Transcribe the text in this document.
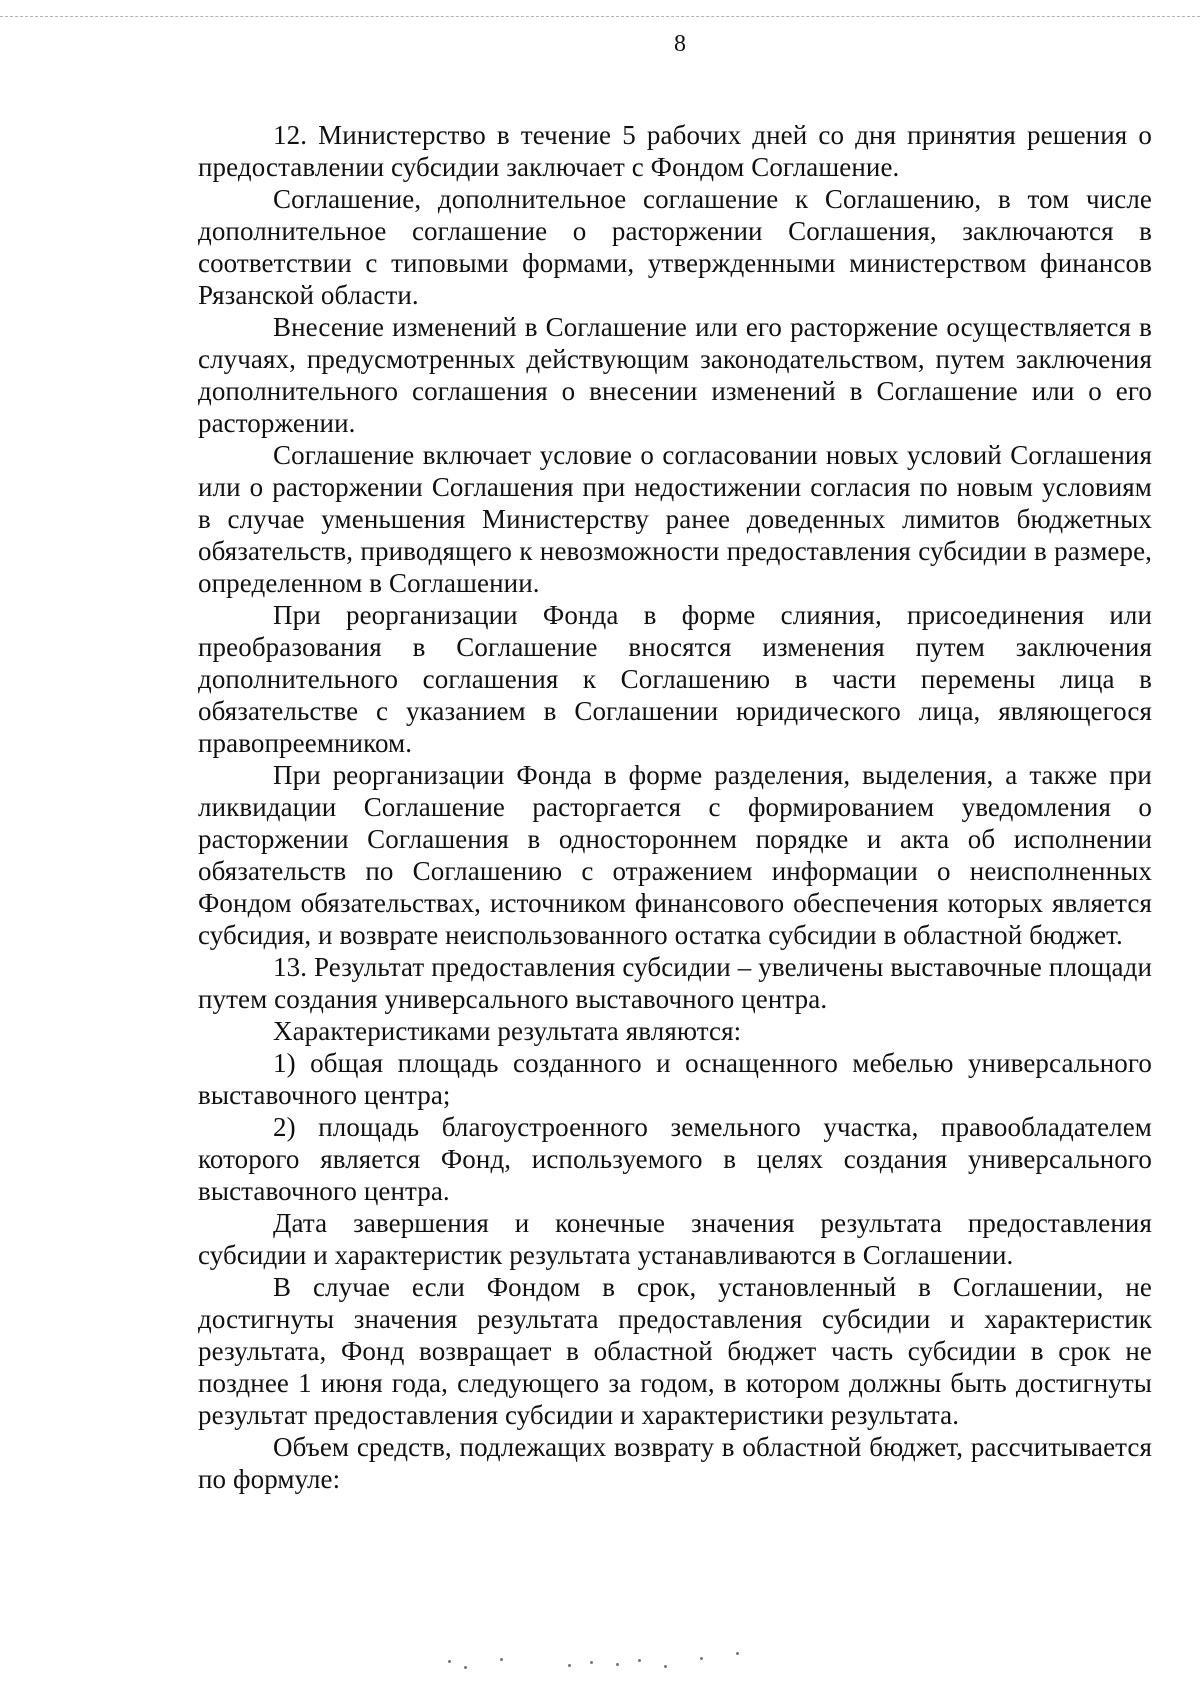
8

12. Министерство в течение 5 рабочих дней со дня принятия решения о предоставлении субсидии заключает с Фондом Соглашение.

Соглашение, дополнительное соглашение к Соглашению, в том числе дополнительное соглашение о расторжении Соглашения, заключаются в соответствии с типовыми формами, утвержденными министерством финансов Рязанской области.

Внесение изменений в Соглашение или его расторжение осуществляется в случаях, предусмотренных действующим законодательством, путем заключения дополнительного соглашения о внесении изменений в Соглашение или о его расторжении.

Соглашение включает условие о согласовании новых условий Соглашения или о расторжении Соглашения при недостижении согласия по новым условиям в случае уменьшения Министерству ранее доведенных лимитов бюджетных обязательств, приводящего к невозможности предоставления субсидии в размере, определенном в Соглашении.

При реорганизации Фонда в форме слияния, присоединения или преобразования в Соглашение вносятся изменения путем заключения дополнительного соглашения к Соглашению в части перемены лица в обязательстве с указанием в Соглашении юридического лица, являющегося правопреемником.

При реорганизации Фонда в форме разделения, выделения, а также при ликвидации Соглашение расторгается с формированием уведомления о расторжении Соглашения в одностороннем порядке и акта об исполнении обязательств по Соглашению с отражением информации о неисполненных Фондом обязательствах, источником финансового обеспечения которых является субсидия, и возврате неиспользованного остатка субсидии в областной бюджет.

13. Результат предоставления субсидии – увеличены выставочные площади путем создания универсального выставочного центра.

Характеристиками результата являются:

1) общая площадь созданного и оснащенного мебелью универсального выставочного центра;

2) площадь благоустроенного земельного участка, правообладателем которого является Фонд, используемого в целях создания универсального выставочного центра.

Дата завершения и конечные значения результата предоставления субсидии и характеристик результата устанавливаются в Соглашении.

В случае если Фондом в срок, установленный в Соглашении, не достигнуты значения результата предоставления субсидии и характеристик результата, Фонд возвращает в областной бюджет часть субсидии в срок не позднее 1 июня года, следующего за годом, в котором должны быть достигнуты результат предоставления субсидии и характеристики результата.

Объем средств, подлежащих возврату в областной бюджет, рассчитывается по формуле:
